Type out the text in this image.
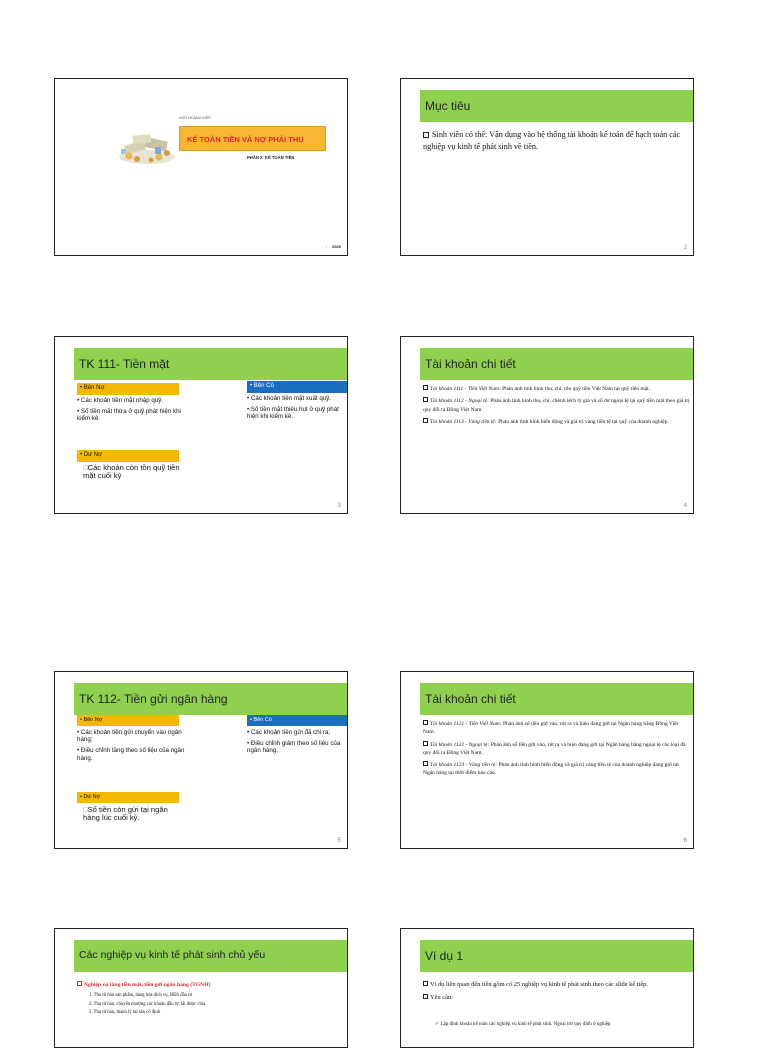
NGÔ HOÀNG ĐIỆP
KẾ TOÁN TIỀN VÀ NỢ PHẢI THU
PHẦN 2: KẾ TOÁN TIỀN
• 2020
Mục tiêu
Sinh viên có thể: Vận dụng vào hệ thống tài khoản kế toán để hạch toán các nghiệp vụ kinh tế phát sinh về tiền.
2
TK 111- Tiền mặt
• Bên Nợ
• Các khoản tiền mặt nhập quỹ.
• Số tiền mặt thừa ở quỹ phát hiện khi kiểm kê.
• Bên Có
• Các khoản tiền mặt xuất quỹ.
• Số tiền mặt thiếu hụt ở quỹ phát hiện khi kiểm kê.
• Dư Nợ
□ Các khoản còn tồn quỹ tiền mặt cuối kỳ
3
Tài khoản chi tiết
Tài khoản 1111 - Tiền Việt Nam: Phản ánh tình hình thu, chi, tồn quỹ tiền Việt Nam tại quỹ tiền mặt.
Tài khoản 1112 - Ngoại tệ: Phản ánh tình hình thu, chi, chênh lệch tỷ giá và số dư ngoại tệ tại quỹ tiền mặt theo giá trị quy đổi ra Đồng Việt Nam.
Tài khoản 1113 - Vàng tiền tệ: Phản ánh tình hình biến động và giá trị vàng tiền tệ tại quỹ của doanh nghiệp.
4
TK 112- Tiền gửi ngân hàng
• Bên Nợ
• Các khoản tiền gửi chuyển vào ngân hàng;
• Điều chỉnh tăng theo số liệu của ngân hàng.
• Bên Có
• Các khoản tiền gửi đã chi ra;
• Điều chỉnh giảm theo số liệu của ngân hàng.
• Dư Nợ
□ Số tiền còn gửi tại ngân hàng lúc cuối kỳ.
5
Tài khoản chi tiết
Tài khoản 1121 - Tiền Việt Nam: Phản ánh số tiền gửi vào, rút ra và hiện đang gửi tại Ngân hàng bằng Đồng Việt Nam.
Tài khoản 1122 - Ngoại tệ: Phản ánh số tiền gửi vào, rút ra và hiện đang gửi tại Ngân hàng bằng ngoại tệ các loại đã quy đổi ra Đồng Việt Nam.
Tài khoản 1123 - Vàng tiền tệ: Phản ánh tình hình biến động và giá trị vàng tiền tệ của doanh nghiệp đang gửi tại Ngân hàng tại thời điểm báo cáo.
6
Các nghiệp vụ kinh tế phát sinh chủ yếu
Nghiệp vụ tăng tiền mặt, tiền gửi ngân hàng (TGNH)
1. Thu từ bán sản phẩm, hàng hóa dịch vụ, BĐS đầu tư
2. Thu từ bán, chuyển nhượng các khoản đầu tư, lãi được chia
3. Thu từ bán, thanh lý tài sản cố định
Ví dụ 1
Ví dụ liên quan đến tiền gồm có 25 nghiệp vụ kinh tế phát sinh theo các slide kế tiếp.
Yêu cầu:
✓ Lập định khoản kế toán các nghiệp vụ kinh tế phát sinh. Ngoại trừ quy định ở nghiệp
